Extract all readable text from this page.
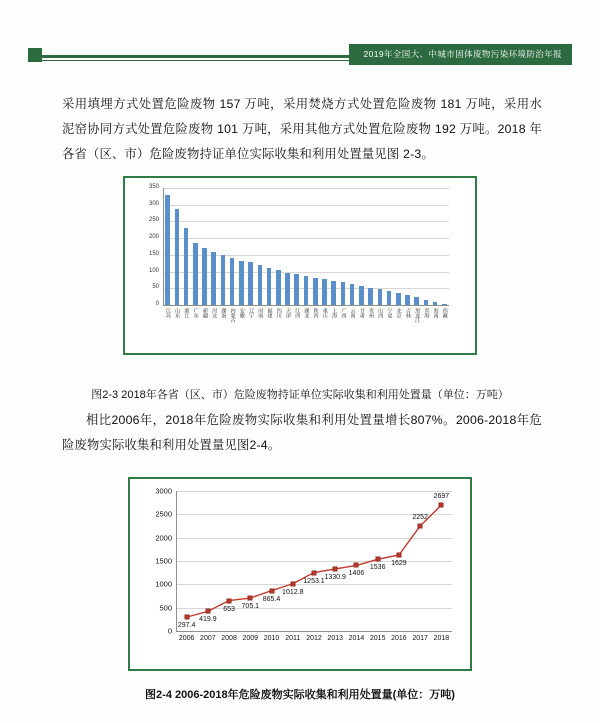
2019年全国大、中城市固体废物污染环境防治年报
采用填埋方式处置危险废物 157 万吨，采用焚烧方式处置危险废物 181 万吨，采用水泥窑协同方式处置危险废物 101 万吨，采用其他方式处置危险废物 192 万吨。2018 年各省（区、市）危险废物持证单位实际收集和利用处置量见图 2-3。
0
50
100
150
200
250
300
350
江苏 山东 浙江 广东 新疆 河北 湖南 内蒙古 安徽 辽宁 河南 福建 四川 天津 江西 湖北 陕西 重庆 上海 广西 云南 甘肃 贵州 山西 宁夏 北京 吉林 黑龙江 青海 海南 西藏
图2-3 2018年各省（区、市）危险废物持证单位实际收集和利用处置量（单位：万吨）
相比2006年，2018年危险废物实际收集和利用处置量增长807%。2006-2018年危险废物实际收集和利用处置量见图2-4。
0
500
1000
1500
2000
2500
3000
297.4
2006
419.9
2007
653
2008
705.1
2009
865.4
2010
1012.8
2011
1253.1
2012
1330.9
2013
1406
2014
1536
2015
1629
2016
2252
2017
2697
2018
图2-4 2006-2018年危险废物实际收集和利用处置量(单位：万吨)
